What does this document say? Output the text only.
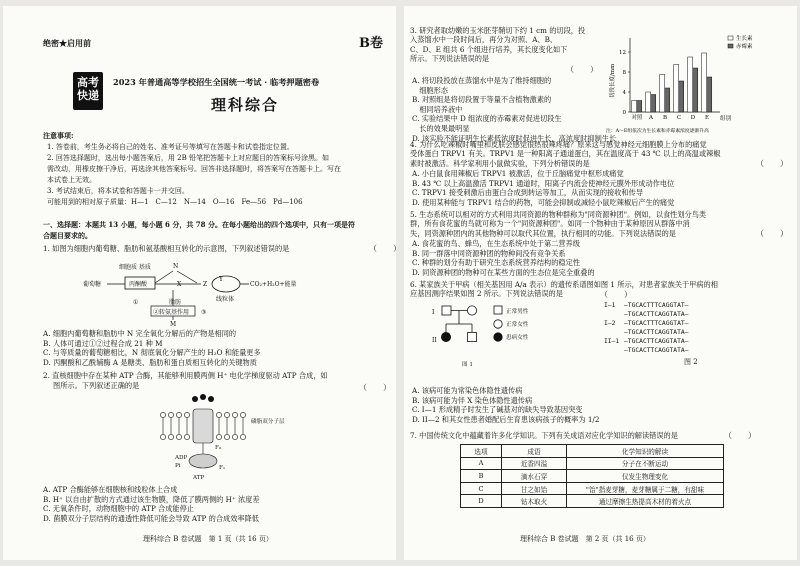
绝密★启用前	B卷
高考
快递
2023 年普通高等学校招生全国统一考试 · 临考押题密卷
理科综合
注意事项:
1. 答卷前，考生务必将自己的姓名、准考证号等填写在答题卡和试卷指定位置。
2. 回答选择题时，选出每小题答案后，用 2B 铅笔把答题卡上对应题目的答案标号涂黑。如
需改动，用橡皮擦干净后，再选涂其他答案标号。回答非选择题时，将答案写在答题卡上。写在
本试卷上无效。
3. 考试结束后，将本试卷和答题卡一并交回。
可能用到的相对原子质量：H—1　C—12　N—14　O—16　Fe—56　Pd—106
一、选择题：本题共 13 小题，每小题 6 分，共 78 分。在每小题给出的四个选项中，只有一项是符
合题目要求的。
1. 如图为细胞内葡萄糖、脂肪和氨基酸相互转化的示意图，下列叙述错误的是	（　　）
葡萄糖	丙酮酸
细胞质 基质	N
X	Z
Y
线粒体
CO₂+H₂O+能量
①	脂肪
②转氨基作用 ③
M
A. 细胞内葡萄糖和脂肪中 N 完全氧化分解后的产物是相同的
B. 人体可通过①②过程合成 21 种 M
C. 与等质量的葡萄糖相比，N 彻底氧化分解产生的 H₂O 和能量更多
D. 丙酮酸和乙酰辅酶 A 是糖类、脂肪和蛋白质相互转化的关键物质
2. 直核细胞中存在某种 ATP 合酶，其能够利用膜两侧 H⁺ 电化学梯度驱动 ATP 合成，如
图所示。下列叙述正确的是	（　　）
磷脂双分子层
F₀
F₁
ADP
Pi
ATP
A. ATP 合酶能够在细胞核和线粒体上合成
B. H⁺ 以自由扩散的方式通过该生物膜，降低了膜两侧的 H⁺ 浓度差
C. 无氧条件时，动物细胞中的 ATP 合成能停止
D. 菌膜双分子层结构的通透性降低可能会导致 ATP 的合成效率降低
理科综合 B 卷试题　第 1 页（共 16 页）
3. 研究者取幼嫩的玉米胚芽鞘切下约 1 cm 的切段，投
入蒸馏水中一段时间后，再分为对照、A、B、
C、D、E 组共 6 个组进行培养，其长度变化如下
所示。下列说法错误的是
（　　）
A. 将切段投放在蒸馏水中是为了维持细胞的
　细胞形态
B. 对照组是将切段置于等量不含植物激素的
　相同培养液中
C. 实验结果中 D 组浓度的赤霉素对促进切段生
　长的效果最明显
D. 该实验不能证明生长素低浓度时促进生长，高浓度时抑制生长
切段长度/mm
0
4
8
12
对照 A B C D E
生长素
赤霉素
组别
注：A～E组依次为生长素和赤霉素浓度逐渐升高
4. 为什么吃辣椒时嘴里和皮肤会感觉很热很辣疼痛？原来这与感觉神经元细胞膜上分布的痛觉
受体蛋白 TRPV1 有关。TRPV1 是一种阳离子通道蛋白，其在温度高于 43 ℃ 以上的高温或辣椒
素时被激活。科学家利用小鼠做实验，下列分析错误的是	（　　）
A. 小白鼠食用辣椒后 TRPV1 被激活，位于丘脑痛觉中枢形成痛觉
B. 43 ℃ 以上高温激活 TRPV1 通道时，阳离子内流会使神经元膜外形成动作电位
C. TRPV1 接受刺激后由蛋白合成到转运等加工，从而实现的接收和传导
D. 使用某种能与 TRPV1 结合的药物，可能会抑制或减轻小鼠吃辣椒后产生的痛觉
5. 生态系统可以相对的方式利用共同资源的物种群称为"同资源种团"。例如，以食性划分鸟类
群，所有食花蜜的鸟就可称为一个"同资源种团"。如同一个物种由于某种原因从群落中消
失，同资源种团内的其他物种可以取代其位置，执行相同的功能。下列说法错误的是	（　　）
A. 食花蜜的鸟、蜂鸟，在生态系统中处于第二营养级
B. 同一群落中同资源种团的物种间没有竞争关系
C. 种群的划分有助于研究生态系统营养结构的稳定性
D. 同资源种团的物种可在某些方面的生态位是完全重叠的
6. 某家族关于甲病（相关基因用 A/a 表示）的遗传系谱图如图 1 所示，对患者家族关于甲病的相
应基因测序结果如图 2 所示。下列说法错误的是	（　　）
I
II
正常男性
正常女性
患病女性
图 1
I—1 —TGCACTTTCAGGTAT—
—TGCACTTCAGGTATA—
I—2 —TGCACTTTCAGGTAT—
—TGCACTTCAGGTATA—
II—1 —TGCACTTCAGGTATA—
—TGCACTTCAGGTATA—
图 2
A. 该病可能为常染色体隐性遗传病
B. 该病可能为伴 X 染色体隐性遗传病
C. I—1 形成精子时发生了碱基对的缺失导致基因突变
D. II—2 和其女性患者婚配后生育患该病孩子的概率为 1/2
7. 中国传统文化中蕴藏着许多化学知识。下列有关成语对应化学知识的解读错误的是	（　　）
选项	成语	化学知识的解读
A	近香四溢	分子在不断运动
B	滴水石穿	仅发生物理变化
C	甘之如饴	"饴"指麦芽糖，麦芽糖属于二糖，有甜味
D	钻木取火	通过摩擦生热提高木材的着火点
理科综合 B 卷试题　第 2 页（共 16 页）
